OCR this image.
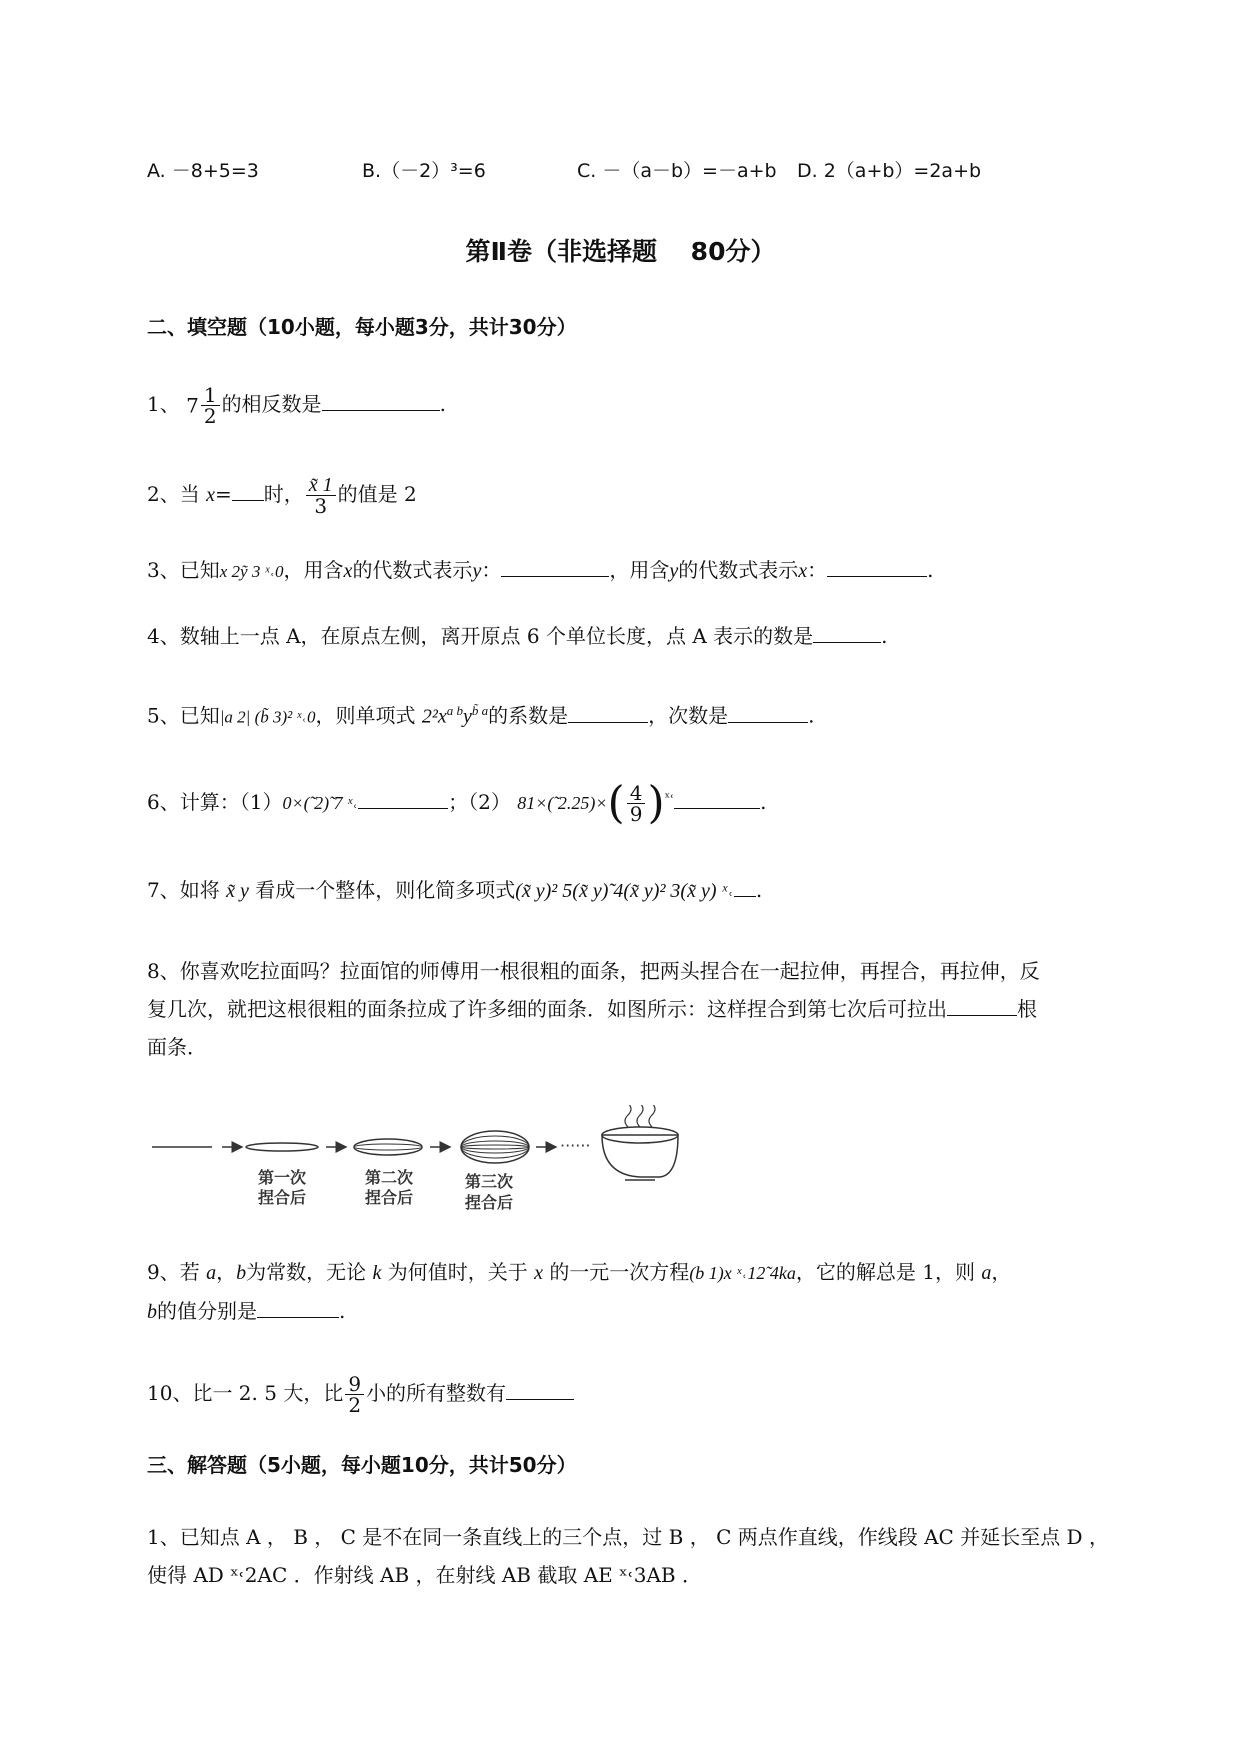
A. －8+5=3	B.（－2）³=6	C. －（a－b）=－a+b D. 2（a+b）=2a+b
第Ⅱ卷（非选择题　 80分）
二、填空题（10小题，每小题3分，共计30分）
1、 $7 \frac{1}{2}$ 的相反数是	.
2、当 x= 时， $\frac{x̃ 1}{3}$ 的值是 2
3、已知x 2ỹ 3 ˣ˓0，用含x的代数式表示y：	，用含y的代数式表示x：	.
4、数轴上一点 A，在原点左侧，离开原点 6 个单位长度，点 A 表示的数是	.
5、已知|a 2| (b̃ 3)² ˣ˓0，则单项式 $2^2x^{a b}y^{b̃ a}$的系数是	，次数是	.
6、计算：（1）0×(̃ 2)̃ 7 ˣ˓	；（2） 81×(̃ $2.25)\times( \frac{4}{9} )^{ˣ˓}$	.
7、如将 x̃ y 看成一个整体，则化简多项式(x̃ y)² 5(x̃ y)̃ 4(x̃ y)² 3(x̃ y) ˣ˓ .
8、你喜欢吃拉面吗？拉面馆的师傅用一根很粗的面条，把两头捏合在一起拉伸，再捏合，再拉伸，反
复几次，就把这根很粗的面条拉成了许多细的面条．如图所示：这样捏合到第七次后可拉出	根
面条．
······
第一次
捏合后
第二次
捏合后
第三次
捏合后
9、若 a，b为常数，无论 k 为何值时，关于 x 的一元一次方程(b 1)x ˣ˓12̃ 4ka，它的解总是 1，则 a，
b的值分别是	.
10、比一 2. 5 大，比 $\frac{9}{2}$ 小的所有整数有
三、解答题（5小题，每小题10分，共计50分）
1、已知点 A ， B ， C 是不在同一条直线上的三个点，过 B ， C 两点作直线，作线段 AC 并延长至点 D ，
使得 AD ˣ˓2AC ．作射线 AB ，在射线 AB 截取 AE ˣ˓3AB ．
